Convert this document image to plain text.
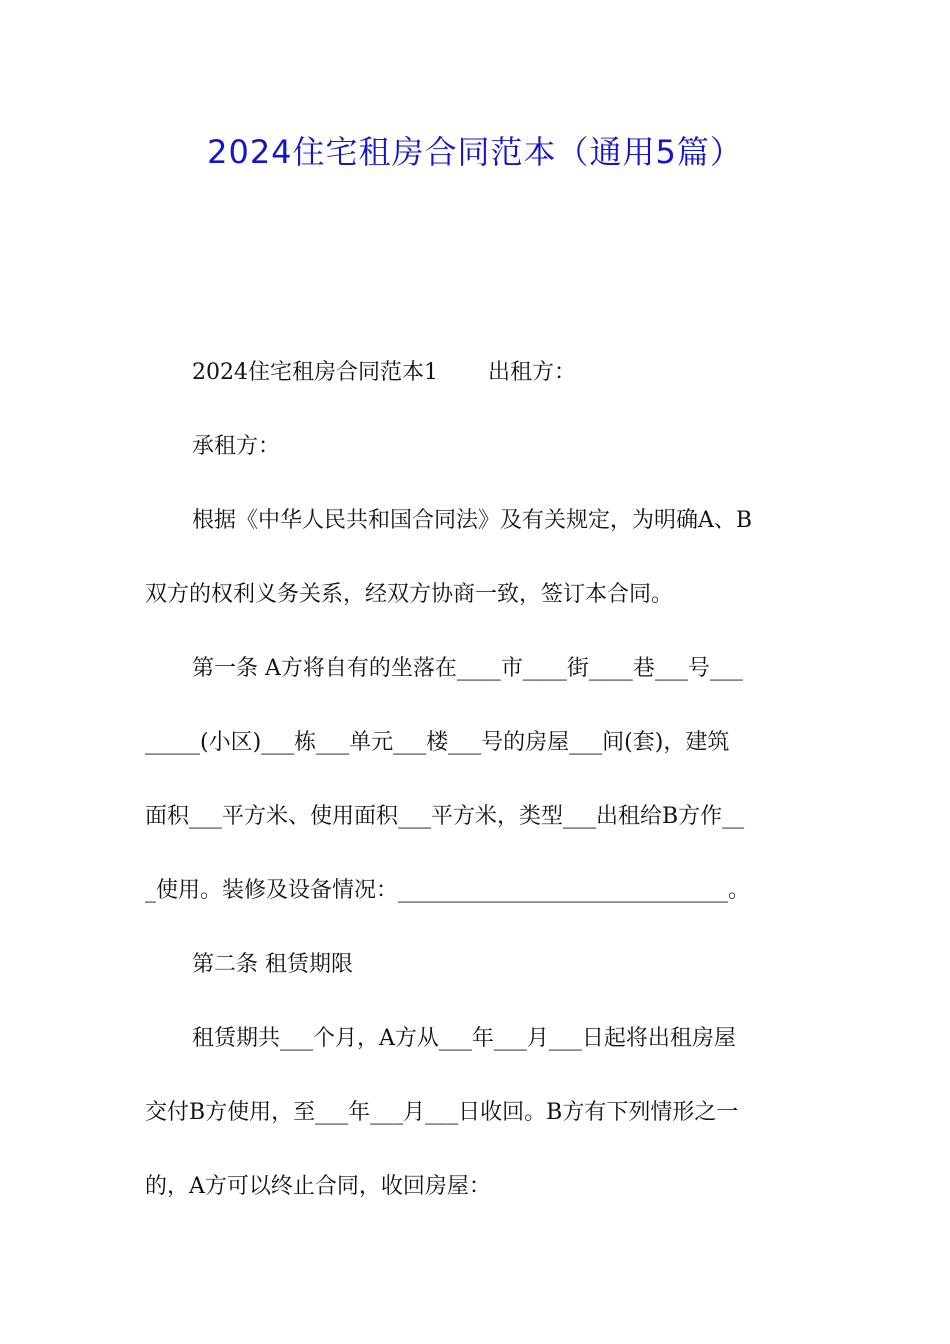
2024住宅租房合同范本（通用5篇）
2024住宅租房合同范本1 出租方：
承租方：
根据《中华人民共和国合同法》及有关规定，为明确A、B
双方的权利义务关系，经双方协商一致，签订本合同。
第一条 A方将自有的坐落在____市____街____巷___号___
_____(小区)___栋___单元___楼___号的房屋___间(套)，建筑
面积___平方米、使用面积___平方米，类型___出租给B方作__
_使用。装修及设备情况：______________________________。
第二条 租赁期限
租赁期共___个月，A方从___年___月___日起将出租房屋
交付B方使用，至___年___月___日收回。B方有下列情形之一
的，A方可以终止合同，收回房屋：
